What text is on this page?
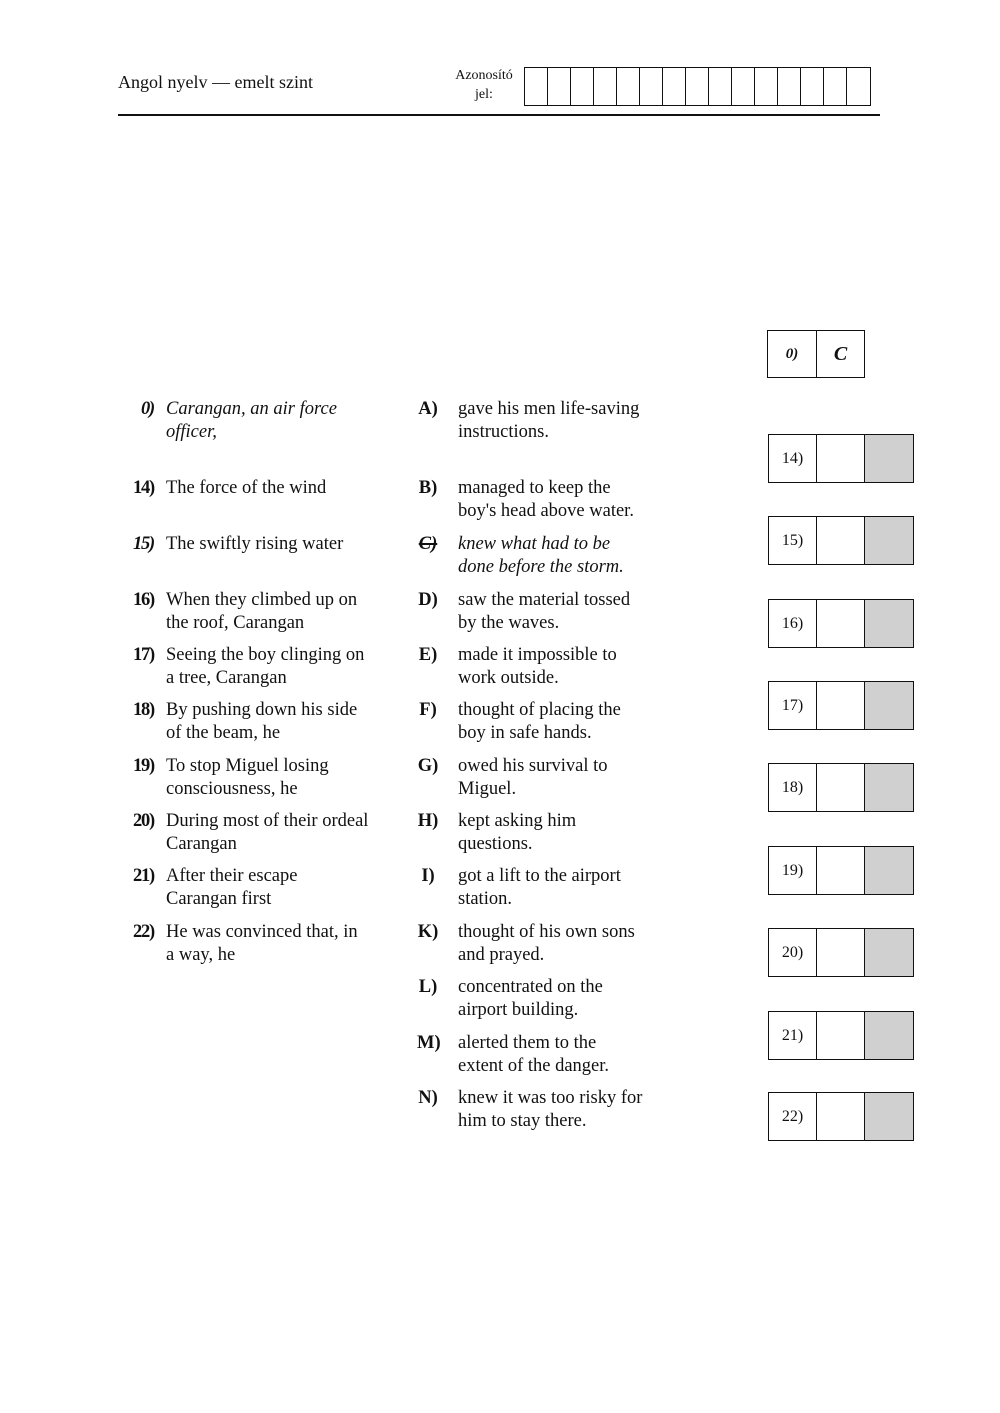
Angol nyelv — emelt szint	Azonosító
jel:
0)	C
0) Carangan, an air force
officer,
14) The force of the wind
15) The swiftly rising water
16) When they climbed up on
the roof, Carangan
17) Seeing the boy clinging on
a tree, Carangan
18) By pushing down his side
of the beam, he
19) To stop Miguel losing
consciousness, he
20) During most of their ordeal
Carangan
21) After their escape
Carangan first
22) He was convinced that, in
a way, he
A) gave his men life-saving
instructions.
B) managed to keep the
boy's head above water.
C) knew what had to be
done before the storm.
D) saw the material tossed
by the waves.
E) made it impossible to
work outside.
F) thought of placing the
boy in safe hands.
G) owed his survival to
Miguel.
H) kept asking him
questions.
I) got a lift to the airport
station.
K) thought of his own sons
and prayed.
L) concentrated on the
airport building.
M) alerted them to the
extent of the danger.
N) knew it was too risky for
him to stay there.
14)
15)
16)
17)
18)
19)
20)
21)
22)
